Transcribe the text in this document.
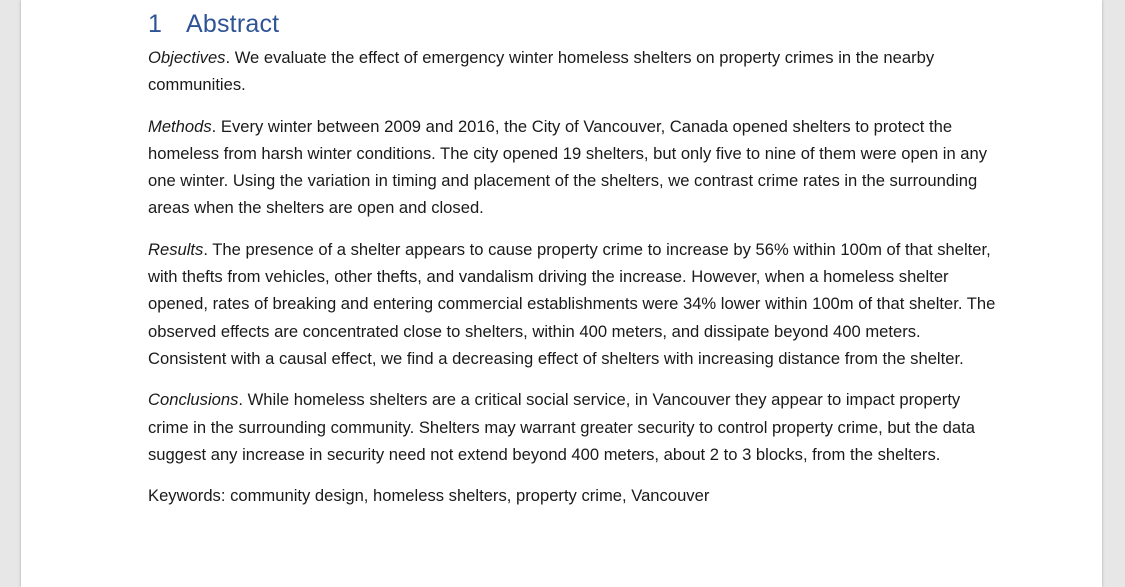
1 Abstract

Objectives. We evaluate the effect of emergency winter homeless shelters on property crimes in the nearby communities.

Methods. Every winter between 2009 and 2016, the City of Vancouver, Canada opened shelters to protect the homeless from harsh winter conditions. The city opened 19 shelters, but only five to nine of them were open in any one winter. Using the variation in timing and placement of the shelters, we contrast crime rates in the surrounding areas when the shelters are open and closed.

Results. The presence of a shelter appears to cause property crime to increase by 56% within 100m of that shelter, with thefts from vehicles, other thefts, and vandalism driving the increase. However, when a homeless shelter opened, rates of breaking and entering commercial establishments were 34% lower within 100m of that shelter. The observed effects are concentrated close to shelters, within 400 meters, and dissipate beyond 400 meters. Consistent with a causal effect, we find a decreasing effect of shelters with increasing distance from the shelter.

Conclusions. While homeless shelters are a critical social service, in Vancouver they appear to impact property crime in the surrounding community. Shelters may warrant greater security to control property crime, but the data suggest any increase in security need not extend beyond 400 meters, about 2 to 3 blocks, from the shelters.

Keywords: community design, homeless shelters, property crime, Vancouver
